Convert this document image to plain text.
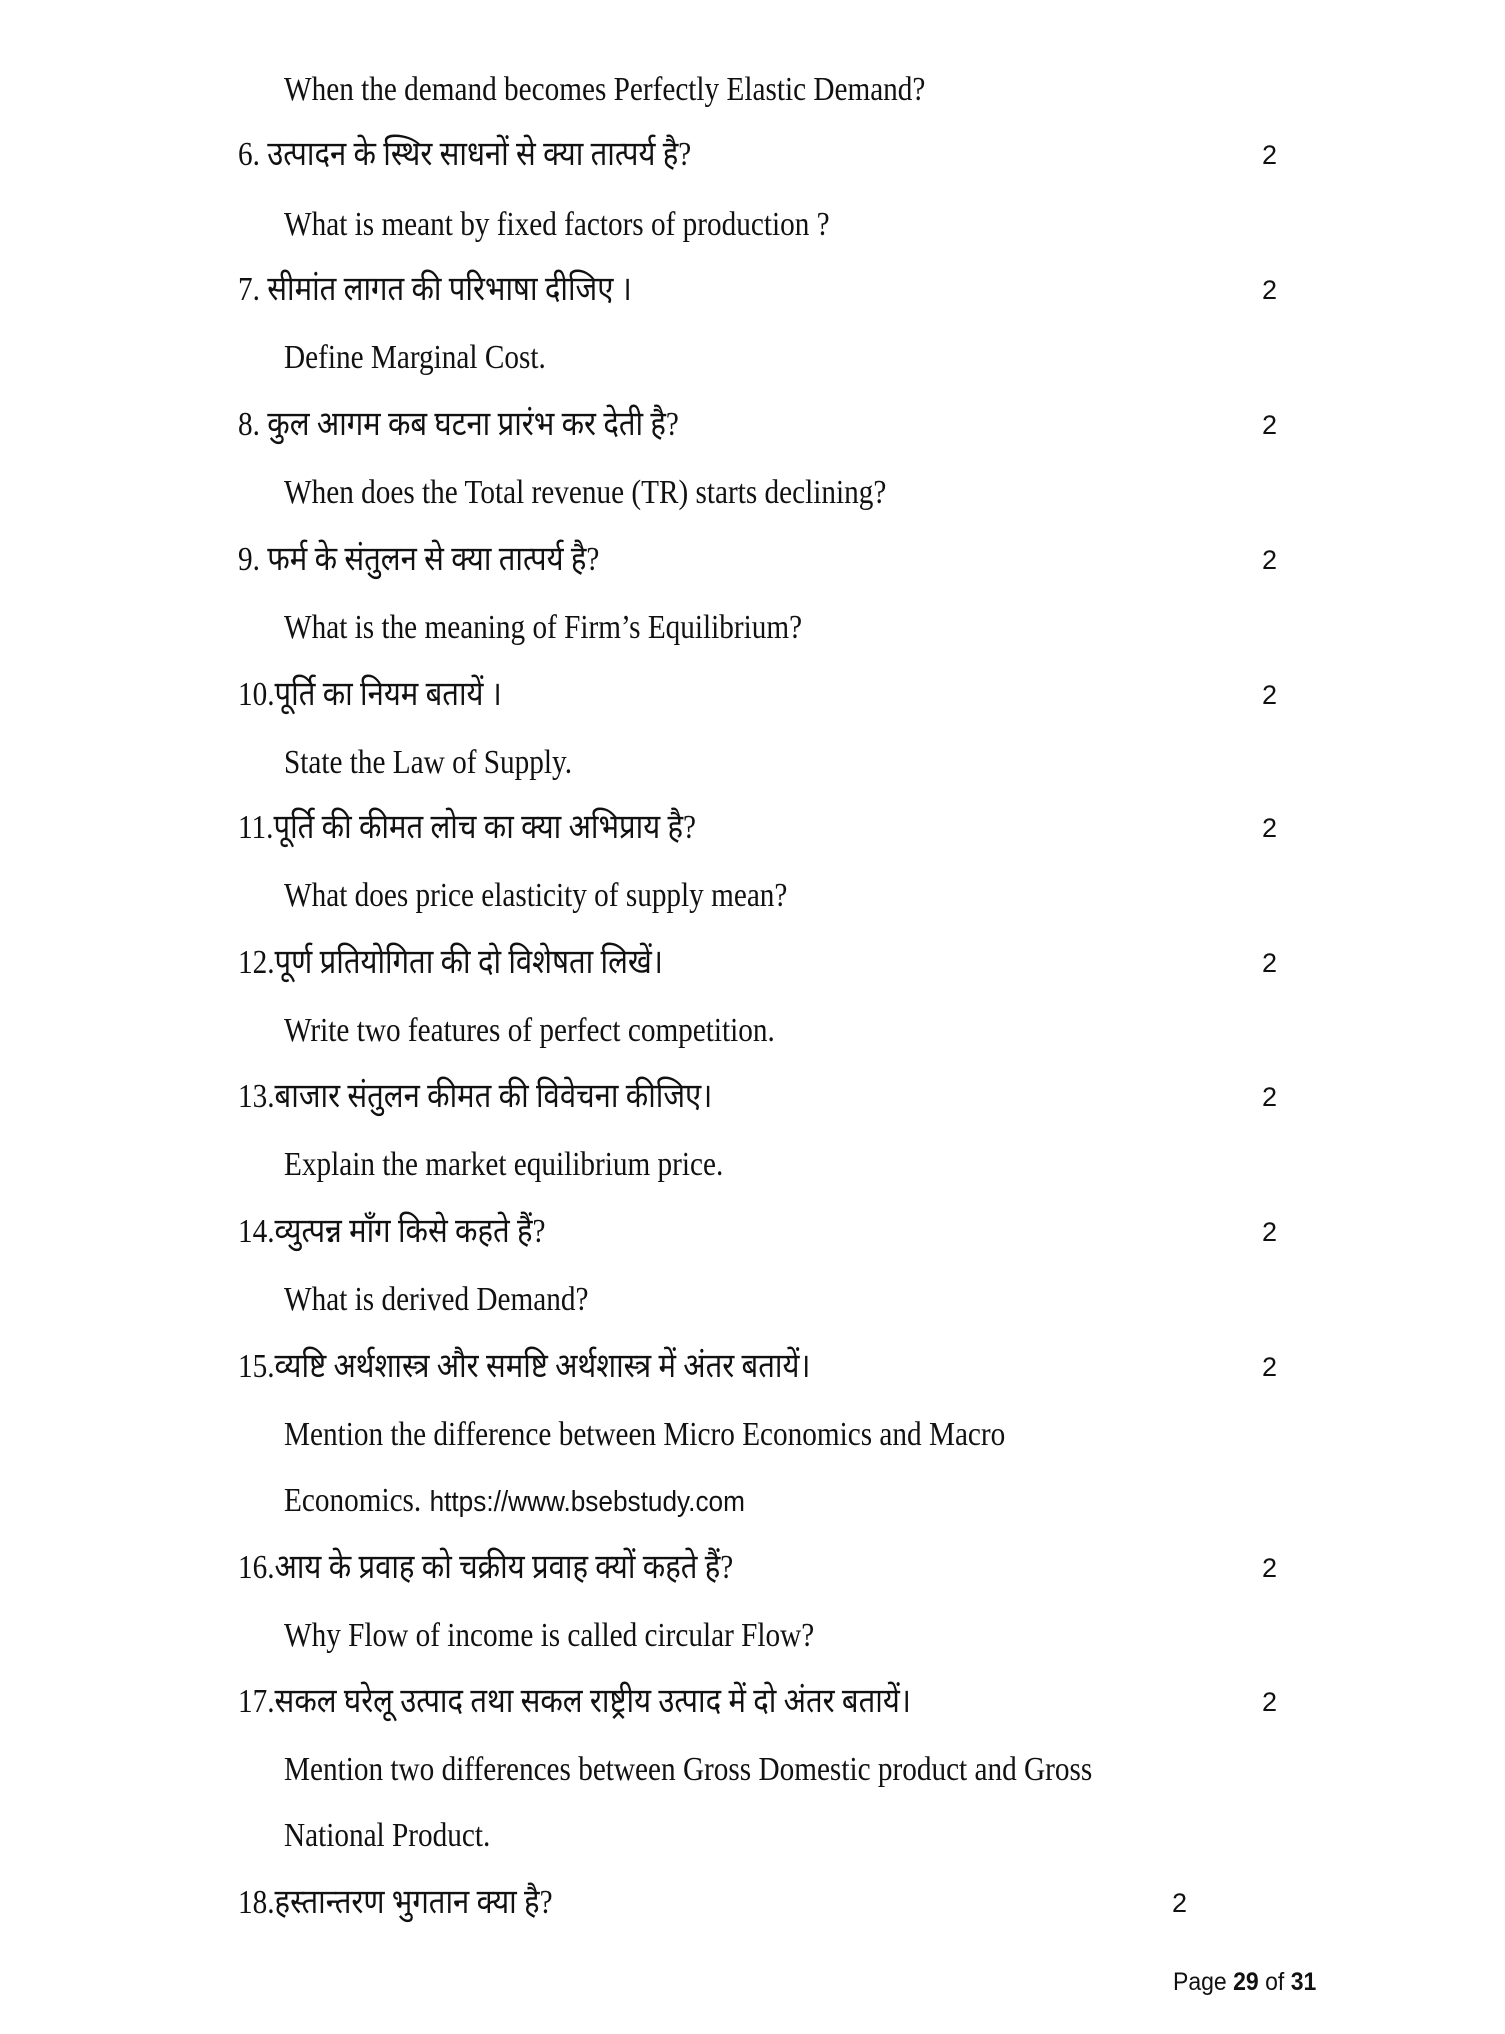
When the demand becomes Perfectly Elastic Demand?
6. उत्पादन के स्थिर साधनों से क्या तात्पर्य है?	2
What is meant by fixed factors of production ?
7. सीमांत लागत की परिभाषा दीजिए ।	2
Define Marginal Cost.
8. कुल आगम कब घटना प्रारंभ कर देती है?	2
When does the Total revenue (TR) starts declining?
9. फर्म के संतुलन से क्या तात्पर्य है?	2
What is the meaning of Firm’s Equilibrium?
10.पूर्ति का नियम बतायें ।	2
State the Law of Supply.
11.पूर्ति की कीमत लोच का क्या अभिप्राय है?	2
What does price elasticity of supply mean?
12.पूर्ण प्रतियोगिता की दो विशेषता लिखें।	2
Write two features of perfect competition.
13.बाजार संतुलन कीमत की विवेचना कीजिए।	2
Explain the market equilibrium price.
14.व्युत्पन्न माँग किसे कहते हैं?	2
What is derived Demand?
15.व्यष्टि अर्थशास्त्र और समष्टि अर्थशास्त्र में अंतर बतायें।	2
Mention the difference between Micro Economics and Macro
Economics. https://www.bsebstudy.com
16.आय के प्रवाह को चक्रीय प्रवाह क्यों कहते हैं?	2
Why Flow of income is called circular Flow?
17.सकल घरेलू उत्पाद तथा सकल राष्ट्रीय उत्पाद में दो अंतर बतायें।	2
Mention two differences between Gross Domestic product and Gross
National Product.
18.हस्तान्तरण भुगतान क्या है?	2
Page 29 of 31
